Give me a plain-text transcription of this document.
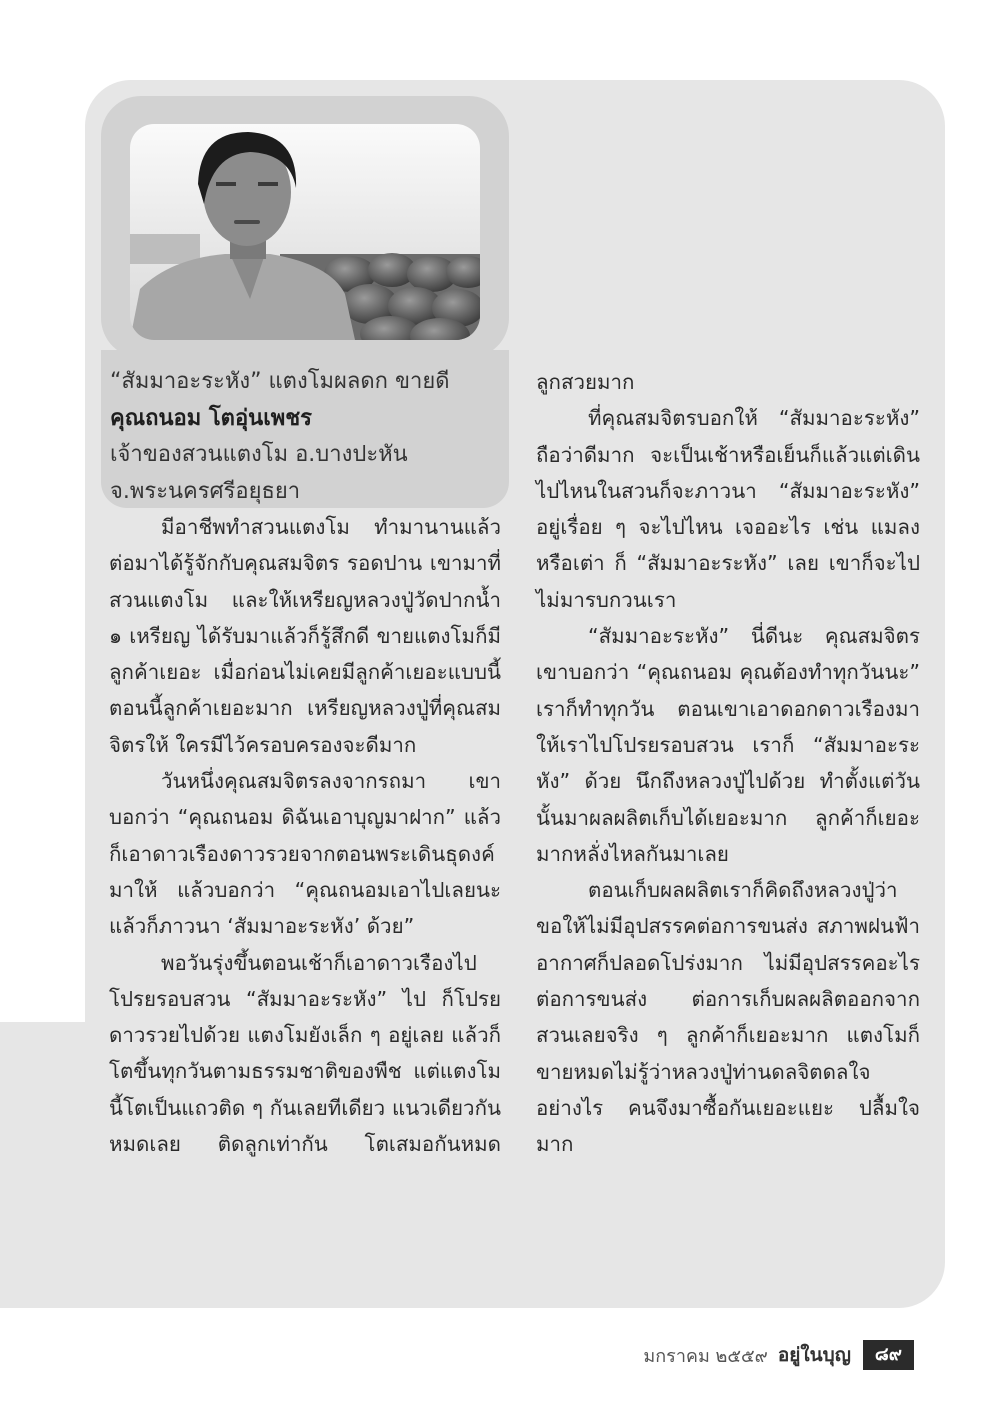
“สัมมาอะระหัง” แตงโมผลดก ขายดี
คุณถนอม โตอุ่นเพชร
เจ้าของสวนแตงโม อ.บางปะหัน
จ.พระนครศรีอยุธยา

มีอาชีพทำสวนแตงโม ทำมานานแล้ว ต่อมาได้รู้จักกับคุณสมจิตร รอดปาน เขามาที่สวนแตงโม และให้เหรียญหลวงปู่วัดปากน้ำ ๑ เหรียญ ได้รับมาแล้วก็รู้สึกดี ขายแตงโมก็มีลูกค้าเยอะ เมื่อก่อนไม่เคยมีลูกค้าเยอะแบบนี้ ตอนนี้ลูกค้าเยอะมาก เหรียญหลวงปู่ที่คุณสมจิตรให้ ใครมีไว้ครอบครองจะดีมาก

วันหนึ่งคุณสมจิตรลงจากรถมา เขาบอกว่า “คุณถนอม ดิฉันเอาบุญมาฝาก” แล้วก็เอาดาวเรืองดาวรวยจากตอนพระเดินธุดงค์มาให้ แล้วบอกว่า “คุณถนอมเอาไปเลยนะแล้วก็ภาวนา ‘สัมมาอะระหัง’ ด้วย”

พอวันรุ่งขึ้นตอนเช้าก็เอาดาวเรืองไปโปรยรอบสวน “สัมมาอะระหัง” ไป ก็โปรยดาวรวยไปด้วย แตงโมยังเล็ก ๆ อยู่เลย แล้วก็โตขึ้นทุกวันตามธรรมชาติของพืช แต่แตงโมนี้โตเป็นแถวติด ๆ กันเลยทีเดียว แนวเดียวกันหมดเลย ติดลูกเท่ากัน โตเสมอกันหมด

ลูกสวยมาก

ที่คุณสมจิตรบอกให้ “สัมมาอะระหัง” ถือว่าดีมาก จะเป็นเช้าหรือเย็นก็แล้วแต่เดินไปไหนในสวนก็จะภาวนา “สัมมาอะระหัง” อยู่เรื่อย ๆ จะไปไหน เจออะไร เช่น แมลงหรือเต่า ก็ “สัมมาอะระหัง” เลย เขาก็จะไปไม่มารบกวนเรา

“สัมมาอะระหัง” นี่ดีนะ คุณสมจิตรเขาบอกว่า “คุณถนอม คุณต้องทำทุกวันนะ” เราก็ทำทุกวัน ตอนเขาเอาดอกดาวเรืองมาให้เราไปโปรยรอบสวน เราก็ “สัมมาอะระหัง” ด้วย นึกถึงหลวงปู่ไปด้วย ทำตั้งแต่วันนั้นมาผลผลิตเก็บได้เยอะมาก ลูกค้าก็เยอะมากหลั่งไหลกันมาเลย

ตอนเก็บผลผลิตเราก็คิดถึงหลวงปู่ว่าขอให้ไม่มีอุปสรรคต่อการขนส่ง สภาพฝนฟ้าอากาศก็ปลอดโปร่งมาก ไม่มีอุปสรรคอะไรต่อการขนส่ง ต่อการเก็บผลผลิตออกจากสวนเลยจริง ๆ ลูกค้าก็เยอะมาก แตงโมก็ขายหมดไม่รู้ว่าหลวงปู่ท่านดลจิตดลใจอย่างไร คนจึงมาซื้อกันเยอะแยะ ปลื้มใจมาก

มกราคม ๒๕๕๙ อยู่ในบุญ	๘๙
